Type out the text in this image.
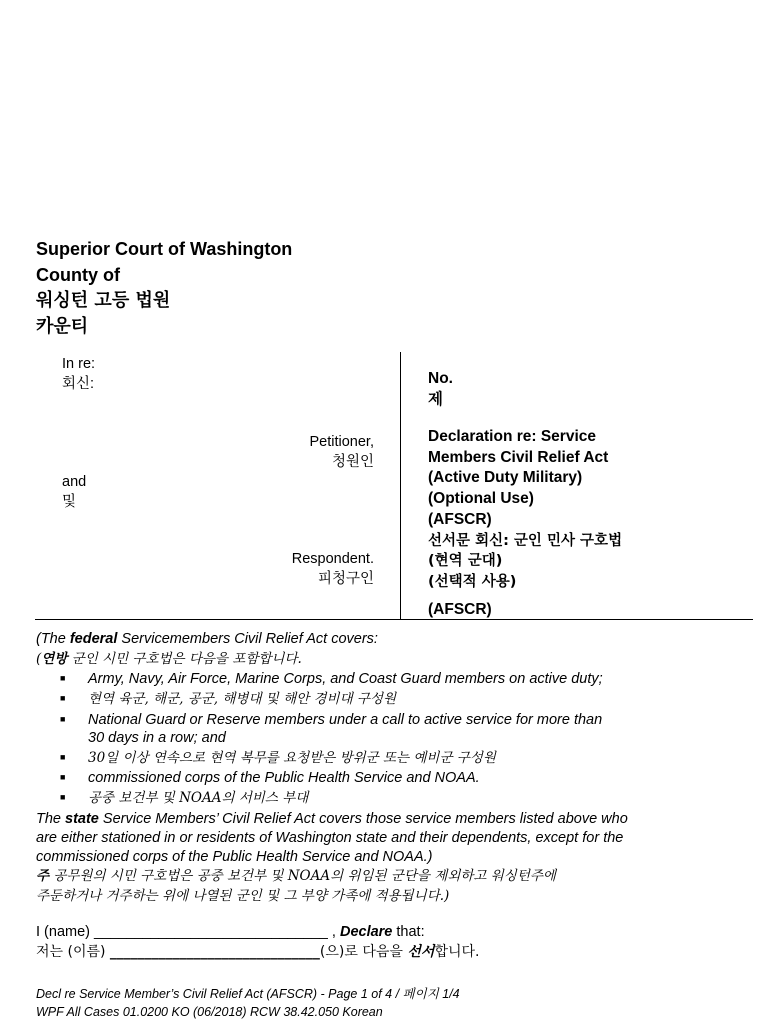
Superior Court of Washington
County of
워싱턴 고등 법원
카운티
In re:
회신:
Petitioner,
청원인
and
및
Respondent.
피청구인
No.
제
Declaration re: Service
Members Civil Relief Act
(Active Duty Military)
(Optional Use)
(AFSCR)
선서문 회신: 군인 민사 구호법
(현역 군대)
(선택적 사용)
(AFSCR)
(The federal Servicemembers Civil Relief Act covers:
(연방 군인 시민 구호법은 다음을 포함합니다.
■ Army, Navy, Air Force, Marine Corps, and Coast Guard members on active duty;
■ 현역 육군, 해군, 공군, 해병대 및 해안 경비대 구성원
■ National Guard or Reserve members under a call to active service for more than
30 days in a row; and
■ 30일 이상 연속으로 현역 복무를 요청받은 방위군 또는 예비군 구성원
■ commissioned corps of the Public Health Service and NOAA.
■ 공중 보건부 및 NOAA의 서비스 부대
The state Service Members’ Civil Relief Act covers those service members listed above who
are either stationed in or residents of Washington state and their dependents, except for the
commissioned corps of the Public Health Service and NOAA.)
주 공무원의 시민 구호법은 공중 보건부 및 NOAA의 위임된 군단을 제외하고 워싱턴주에
주둔하거나 거주하는 위에 나열된 군인 및 그 부양 가족에 적용됩니다.)
I (name) _____________________________ , Declare that:
저는 (이름) ______________________________(으)로 다음을 선서합니다.
Decl re Service Member’s Civil Relief Act (AFSCR) - Page 1 of 4 / 페이지 1/4
WPF All Cases 01.0200 KO (06/2018) RCW 38.42.050 Korean
